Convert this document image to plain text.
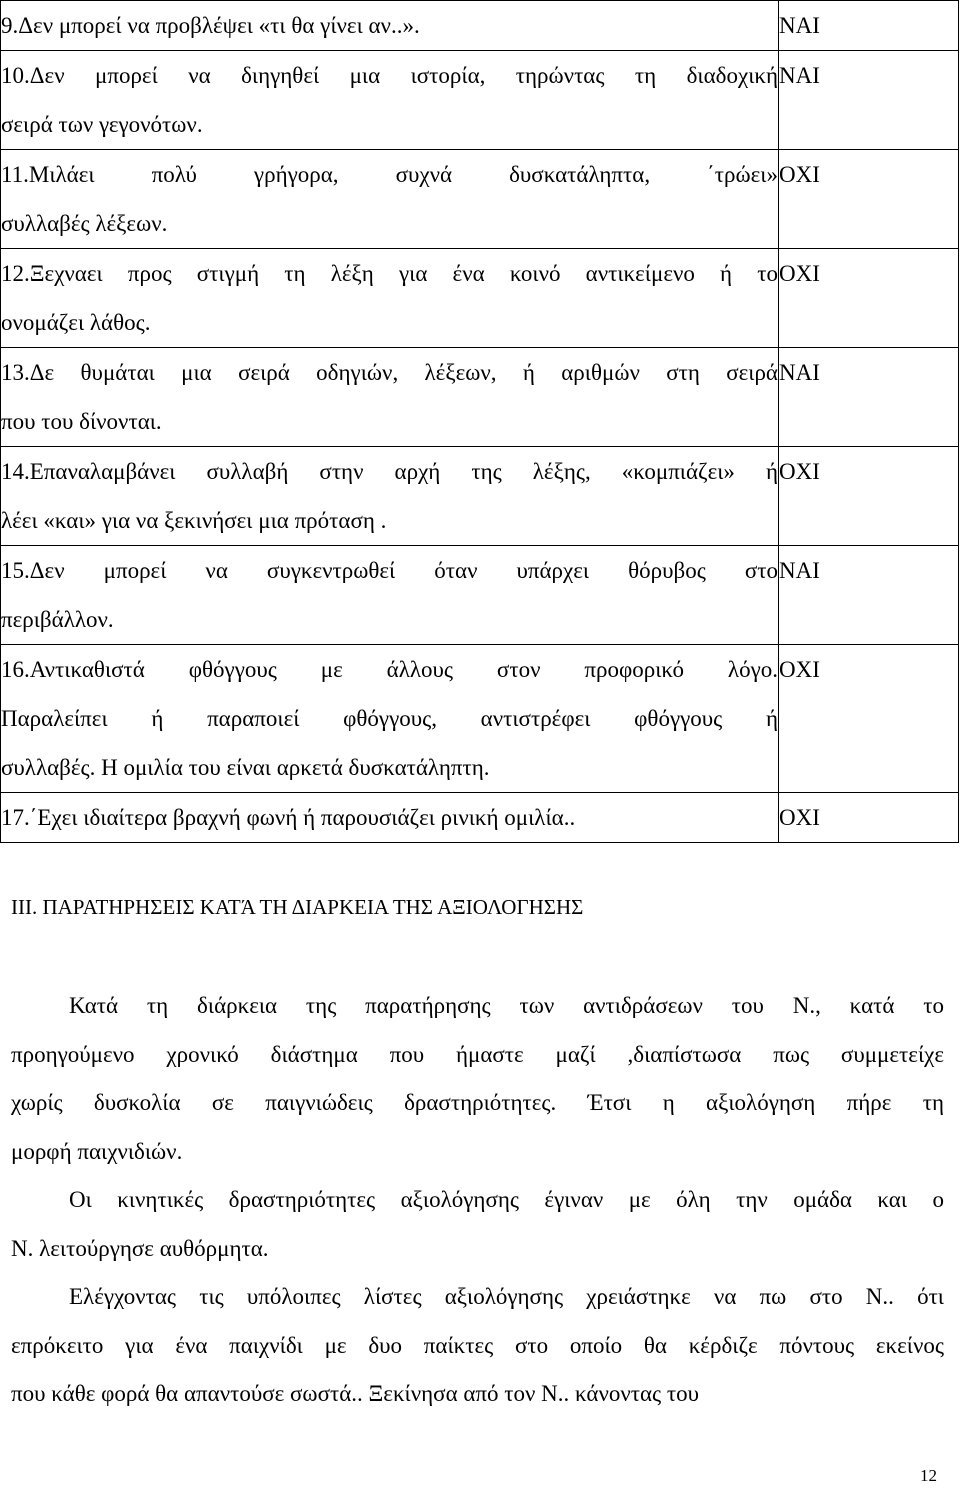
9.Δεν μπορεί να προβλέψει «τι θα γίνει αν..».	ΝΑΙ

10.Δεν μπορεί να διηγηθεί μια ιστορία, τηρώντας τη διαδοχική
σειρά των γεγονότων.	ΝΑΙ

11.Μιλάει πολύ γρήγορα, συχνά δυσκατάληπτα, ΄τρώει»
συλλαβές λέξεων.	ΟΧΙ

12.Ξεχναει προς στιγμή τη λέξη για ένα κοινό αντικείμενο ή το
ονομάζει λάθος.	ΟΧΙ

13.Δε θυμάται μια σειρά οδηγιών, λέξεων, ή αριθμών στη σειρά
που του δίνονται.	ΝΑΙ

14.Επαναλαμβάνει συλλαβή στην αρχή της λέξης, «κομπιάζει» ή
λέει «και» για να ξεκινήσει μια πρόταση .	ΟΧΙ

15.Δεν μπορεί να συγκεντρωθεί όταν υπάρχει θόρυβος στο
περιβάλλον.	ΝΑΙ

16.Αντικαθιστά φθόγγους με άλλους στον προφορικό λόγο.
Παραλείπει ή παραποιεί φθόγγους, αντιστρέφει φθόγγους ή
συλλαβές. Η ομιλία του είναι αρκετά δυσκατάληπτη.	ΟΧΙ

17.΄Εχει ιδιαίτερα βραχνή φωνή ή παρουσιάζει ρινική ομιλία..	ΟΧΙ
ΙΙΙ. ΠΑΡΑΤΗΡΗΣΕΙΣ ΚΑΤΆ ΤΗ ΔΙΑΡΚΕΙΑ ΤΗΣ ΑΞΙΟΛΟΓΗΣΗΣ
Κατά τη διάρκεια της παρατήρησης των αντιδράσεων του Ν., κατά το
προηγούμενο χρονικό διάστημα που ήμαστε μαζί ,διαπίστωσα πως συμμετείχε
χωρίς δυσκολία σε παιγνιώδεις δραστηριότητες. Έτσι η αξιολόγηση πήρε τη
μορφή παιχνιδιών.
Οι κινητικές δραστηριότητες αξιολόγησης έγιναν με όλη την ομάδα και ο
Ν. λειτούργησε αυθόρμητα.
Ελέγχοντας τις υπόλοιπες λίστες αξιολόγησης χρειάστηκε να πω στο Ν.. ότι
επρόκειτο για ένα παιχνίδι με δυο παίκτες στο οποίο θα κέρδιζε πόντους εκείνος
που κάθε φορά θα απαντούσε σωστά.. Ξεκίνησα από τον Ν.. κάνοντας του
12
